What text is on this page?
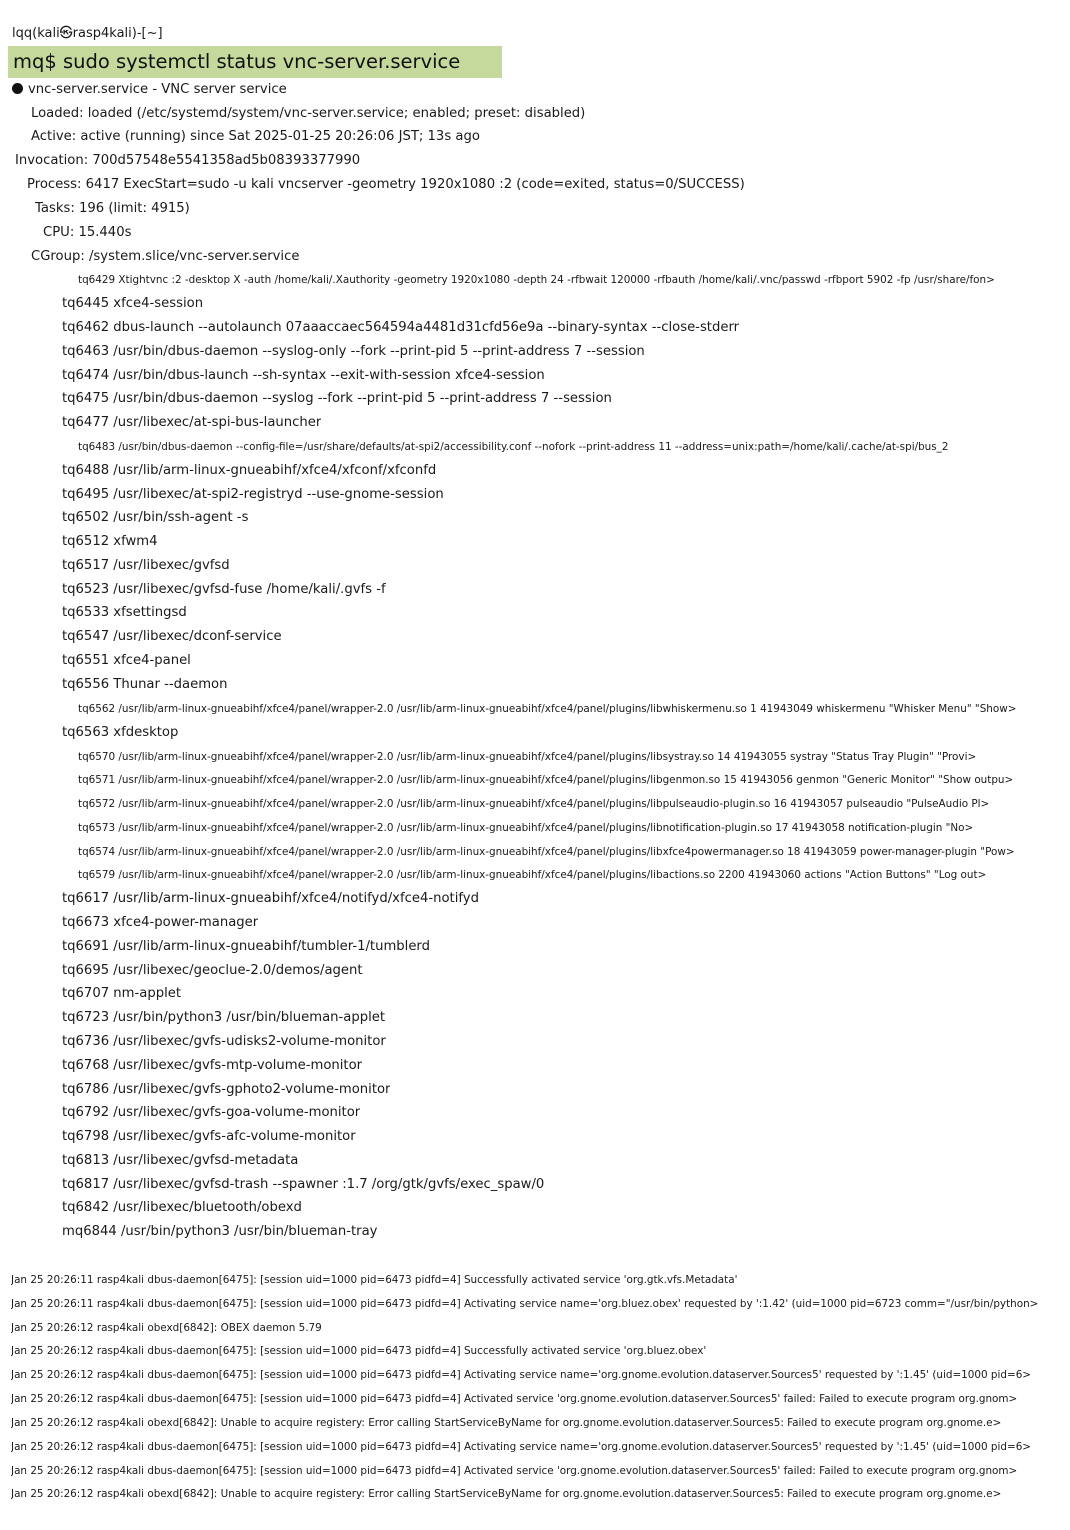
lqq(kali㉿rasp4kali)-[~]
mq$ sudo systemctl status vnc-server.service
vnc-server.service - VNC server service
Loaded: loaded (/etc/systemd/system/vnc-server.service; enabled; preset: disabled)
Active: active (running) since Sat 2025-01-25 20:26:06 JST; 13s ago
Invocation: 700d57548e5541358ad5b08393377990
Process: 6417 ExecStart=sudo -u kali vncserver -geometry 1920x1080 :2 (code=exited, status=0/SUCCESS)
Tasks: 196 (limit: 4915)
CPU: 15.440s
CGroup: /system.slice/vnc-server.service
tq6429 Xtightvnc :2 -desktop X -auth /home/kali/.Xauthority -geometry 1920x1080 -depth 24 -rfbwait 120000 -rfbauth /home/kali/.vnc/passwd -rfbport 5902 -fp /usr/share/fon>
tq6445 xfce4-session
tq6462 dbus-launch --autolaunch 07aaaccaec564594a4481d31cfd56e9a --binary-syntax --close-stderr
tq6463 /usr/bin/dbus-daemon --syslog-only --fork --print-pid 5 --print-address 7 --session
tq6474 /usr/bin/dbus-launch --sh-syntax --exit-with-session xfce4-session
tq6475 /usr/bin/dbus-daemon --syslog --fork --print-pid 5 --print-address 7 --session
tq6477 /usr/libexec/at-spi-bus-launcher
tq6483 /usr/bin/dbus-daemon --config-file=/usr/share/defaults/at-spi2/accessibility.conf --nofork --print-address 11 --address=unix:path=/home/kali/.cache/at-spi/bus_2
tq6488 /usr/lib/arm-linux-gnueabihf/xfce4/xfconf/xfconfd
tq6495 /usr/libexec/at-spi2-registryd --use-gnome-session
tq6502 /usr/bin/ssh-agent -s
tq6512 xfwm4
tq6517 /usr/libexec/gvfsd
tq6523 /usr/libexec/gvfsd-fuse /home/kali/.gvfs -f
tq6533 xfsettingsd
tq6547 /usr/libexec/dconf-service
tq6551 xfce4-panel
tq6556 Thunar --daemon
tq6562 /usr/lib/arm-linux-gnueabihf/xfce4/panel/wrapper-2.0 /usr/lib/arm-linux-gnueabihf/xfce4/panel/plugins/libwhiskermenu.so 1 41943049 whiskermenu "Whisker Menu" "Show>
tq6563 xfdesktop
tq6570 /usr/lib/arm-linux-gnueabihf/xfce4/panel/wrapper-2.0 /usr/lib/arm-linux-gnueabihf/xfce4/panel/plugins/libsystray.so 14 41943055 systray "Status Tray Plugin" "Provi>
tq6571 /usr/lib/arm-linux-gnueabihf/xfce4/panel/wrapper-2.0 /usr/lib/arm-linux-gnueabihf/xfce4/panel/plugins/libgenmon.so 15 41943056 genmon "Generic Monitor" "Show outpu>
tq6572 /usr/lib/arm-linux-gnueabihf/xfce4/panel/wrapper-2.0 /usr/lib/arm-linux-gnueabihf/xfce4/panel/plugins/libpulseaudio-plugin.so 16 41943057 pulseaudio "PulseAudio Pl>
tq6573 /usr/lib/arm-linux-gnueabihf/xfce4/panel/wrapper-2.0 /usr/lib/arm-linux-gnueabihf/xfce4/panel/plugins/libnotification-plugin.so 17 41943058 notification-plugin "No>
tq6574 /usr/lib/arm-linux-gnueabihf/xfce4/panel/wrapper-2.0 /usr/lib/arm-linux-gnueabihf/xfce4/panel/plugins/libxfce4powermanager.so 18 41943059 power-manager-plugin "Pow>
tq6579 /usr/lib/arm-linux-gnueabihf/xfce4/panel/wrapper-2.0 /usr/lib/arm-linux-gnueabihf/xfce4/panel/plugins/libactions.so 2200 41943060 actions "Action Buttons" "Log out>
tq6617 /usr/lib/arm-linux-gnueabihf/xfce4/notifyd/xfce4-notifyd
tq6673 xfce4-power-manager
tq6691 /usr/lib/arm-linux-gnueabihf/tumbler-1/tumblerd
tq6695 /usr/libexec/geoclue-2.0/demos/agent
tq6707 nm-applet
tq6723 /usr/bin/python3 /usr/bin/blueman-applet
tq6736 /usr/libexec/gvfs-udisks2-volume-monitor
tq6768 /usr/libexec/gvfs-mtp-volume-monitor
tq6786 /usr/libexec/gvfs-gphoto2-volume-monitor
tq6792 /usr/libexec/gvfs-goa-volume-monitor
tq6798 /usr/libexec/gvfs-afc-volume-monitor
tq6813 /usr/libexec/gvfsd-metadata
tq6817 /usr/libexec/gvfsd-trash --spawner :1.7 /org/gtk/gvfs/exec_spaw/0
tq6842 /usr/libexec/bluetooth/obexd
mq6844 /usr/bin/python3 /usr/bin/blueman-tray
Jan 25 20:26:11 rasp4kali dbus-daemon[6475]: [session uid=1000 pid=6473 pidfd=4] Successfully activated service 'org.gtk.vfs.Metadata'
Jan 25 20:26:11 rasp4kali dbus-daemon[6475]: [session uid=1000 pid=6473 pidfd=4] Activating service name='org.bluez.obex' requested by ':1.42' (uid=1000 pid=6723 comm="/usr/bin/python>
Jan 25 20:26:12 rasp4kali obexd[6842]: OBEX daemon 5.79
Jan 25 20:26:12 rasp4kali dbus-daemon[6475]: [session uid=1000 pid=6473 pidfd=4] Successfully activated service 'org.bluez.obex'
Jan 25 20:26:12 rasp4kali dbus-daemon[6475]: [session uid=1000 pid=6473 pidfd=4] Activating service name='org.gnome.evolution.dataserver.Sources5' requested by ':1.45' (uid=1000 pid=6>
Jan 25 20:26:12 rasp4kali dbus-daemon[6475]: [session uid=1000 pid=6473 pidfd=4] Activated service 'org.gnome.evolution.dataserver.Sources5' failed: Failed to execute program org.gnom>
Jan 25 20:26:12 rasp4kali obexd[6842]: Unable to acquire registery: Error calling StartServiceByName for org.gnome.evolution.dataserver.Sources5: Failed to execute program org.gnome.e>
Jan 25 20:26:12 rasp4kali dbus-daemon[6475]: [session uid=1000 pid=6473 pidfd=4] Activating service name='org.gnome.evolution.dataserver.Sources5' requested by ':1.45' (uid=1000 pid=6>
Jan 25 20:26:12 rasp4kali dbus-daemon[6475]: [session uid=1000 pid=6473 pidfd=4] Activated service 'org.gnome.evolution.dataserver.Sources5' failed: Failed to execute program org.gnom>
Jan 25 20:26:12 rasp4kali obexd[6842]: Unable to acquire registery: Error calling StartServiceByName for org.gnome.evolution.dataserver.Sources5: Failed to execute program org.gnome.e>
